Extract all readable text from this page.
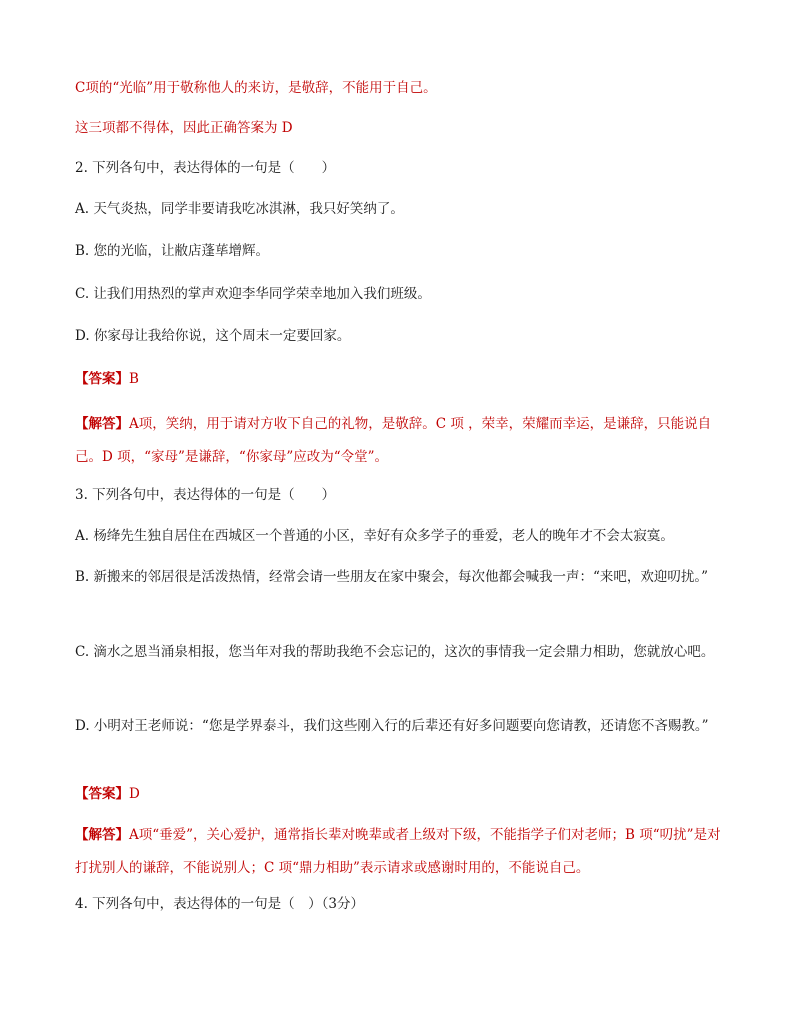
C项的“光临”用于敬称他人的来访，是敬辞，不能用于自己。
这三项都不得体，因此正确答案为 D
2. 下列各句中，表达得体的一句是（　　）
A. 天气炎热，同学非要请我吃冰淇淋，我只好笑纳了。
B. 您的光临，让敝店蓬荜增辉。
C. 让我们用热烈的掌声欢迎李华同学荣幸地加入我们班级。
D. 你家母让我给你说，这个周末一定要回家。
【答案】B
【解答】A项，笑纳，用于请对方收下自己的礼物，是敬辞。C 项 ，荣幸，荣耀而幸运，是谦辞，只能说自己。D 项，“家母”是谦辞，“你家母”应改为“令堂”。
3. 下列各句中，表达得体的一句是（　　）
A. 杨绛先生独自居住在西城区一个普通的小区，幸好有众多学子的垂爱，老人的晚年才不会太寂寞。
B. 新搬来的邻居很是活泼热情，经常会请一些朋友在家中聚会，每次他都会喊我一声：“来吧，欢迎叨扰。”
C. 滴水之恩当涌泉相报，您当年对我的帮助我绝不会忘记的，这次的事情我一定会鼎力相助，您就放心吧。
D. 小明对王老师说：“您是学界泰斗，我们这些刚入行的后辈还有好多问题要向您请教，还请您不吝赐教。”
【答案】D
【解答】A项“垂爱”，关心爱护，通常指长辈对晚辈或者上级对下级，不能指学子们对老师；B 项“叨扰”是对打扰别人的谦辞，不能说别人；C 项“鼎力相助”表示请求或感谢时用的，不能说自己。
4. 下列各句中，表达得体的一句是（　）（3分）
